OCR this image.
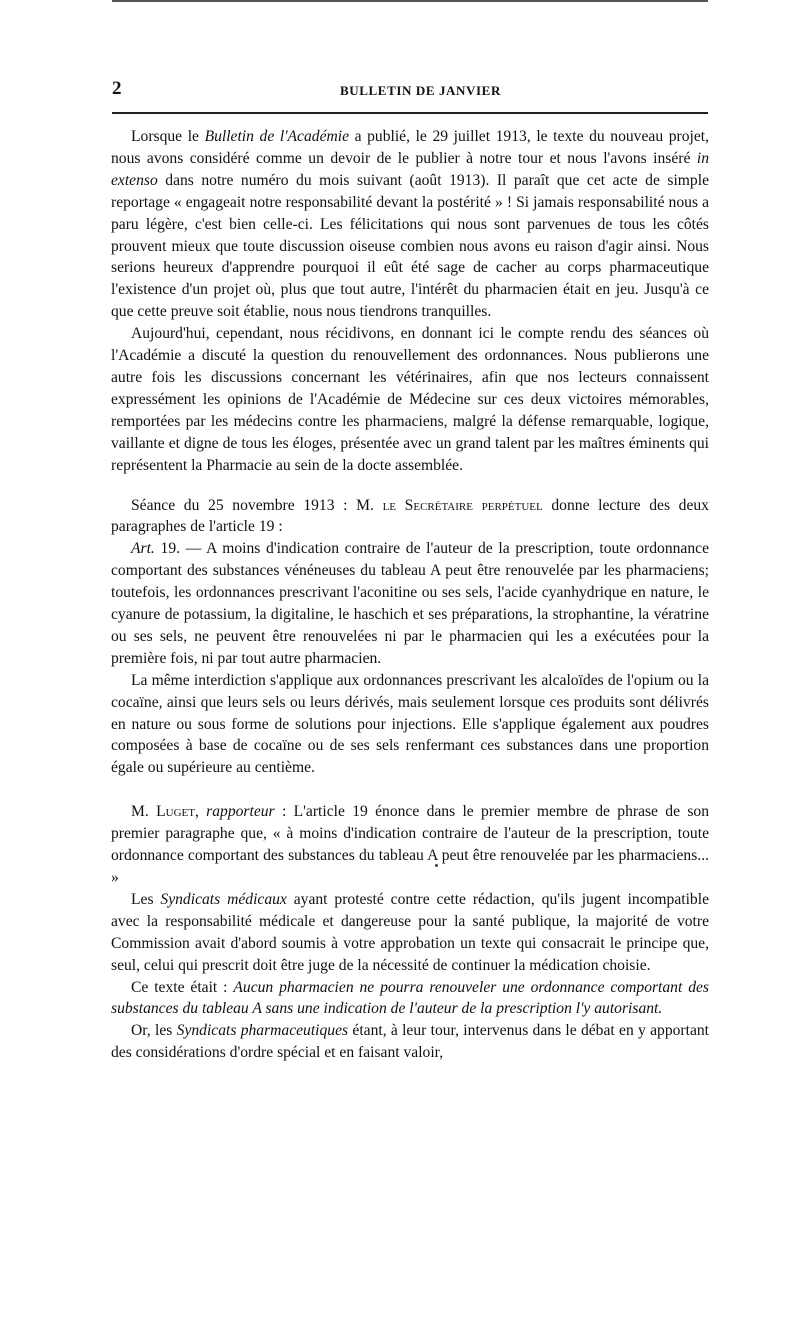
2	BULLETIN DE JANVIER

Lorsque le Bulletin de l'Académie a publié, le 29 juillet 1913, le texte du nouveau projet, nous avons considéré comme un devoir de le publier à notre tour et nous l'avons inséré in extenso dans notre numéro du mois suivant (août 1913). Il paraît que cet acte de simple reportage « engageait notre responsabilité devant la postérité » ! Si jamais responsabilité nous a paru légère, c'est bien celle-ci. Les félicitations qui nous sont parvenues de tous les côtés prouvent mieux que toute discussion oiseuse combien nous avons eu raison d'agir ainsi. Nous serions heureux d'apprendre pourquoi il eût été sage de cacher au corps pharmaceutique l'existence d'un projet où, plus que tout autre, l'intérêt du pharmacien était en jeu. Jusqu'à ce que cette preuve soit établie, nous nous tiendrons tranquilles.

Aujourd'hui, cependant, nous récidivons, en donnant ici le compte rendu des séances où l'Académie a discuté la question du renouvellement des ordonnances. Nous publierons une autre fois les discussions concernant les vétérinaires, afin que nos lecteurs connaissent expressément les opinions de l'Académie de Médecine sur ces deux victoires mémorables, remportées par les médecins contre les pharmaciens, malgré la défense remarquable, logique, vaillante et digne de tous les éloges, présentée avec un grand talent par les maîtres éminents qui représentent la Pharmacie au sein de la docte assemblée.

Séance du 25 novembre 1913 : M. le Secrétaire perpétuel donne lecture des deux paragraphes de l'article 19 :

Art. 19. — A moins d'indication contraire de l'auteur de la prescription, toute ordonnance comportant des substances vénéneuses du tableau A peut être renouvelée par les pharmaciens; toutefois, les ordonnances prescrivant l'aconitine ou ses sels, l'acide cyanhydrique en nature, le cyanure de potassium, la digitaline, le haschich et ses préparations, la strophantine, la vératrine ou ses sels, ne peuvent être renouvelées ni par le pharmacien qui les a exécutées pour la première fois, ni par tout autre pharmacien.

La même interdiction s'applique aux ordonnances prescrivant les alcaloïdes de l'opium ou la cocaïne, ainsi que leurs sels ou leurs dérivés, mais seulement lorsque ces produits sont délivrés en nature ou sous forme de solutions pour injections. Elle s'applique également aux poudres composées à base de cocaïne ou de ses sels renfermant ces substances dans une proportion égale ou supérieure au centième.

M. Luget, rapporteur : L'article 19 énonce dans le premier membre de phrase de son premier paragraphe que, « à moins d'indication contraire de l'auteur de la prescription, toute ordonnance comportant des substances du tableau A peut être renouvelée par les pharmaciens... »

Les Syndicats médicaux ayant protesté contre cette rédaction, qu'ils jugent incompatible avec la responsabilité médicale et dangereuse pour la santé publique, la majorité de votre Commission avait d'abord soumis à votre approbation un texte qui consacrait le principe que, seul, celui qui prescrit doit être juge de la nécessité de continuer la médication choisie.

Ce texte était : Aucun pharmacien ne pourra renouveler une ordonnance comportant des substances du tableau A sans une indication de l'auteur de la prescription l'y autorisant.

Or, les Syndicats pharmaceutiques étant, à leur tour, intervenus dans le débat en y apportant des considérations d'ordre spécial et en faisant valoir,
